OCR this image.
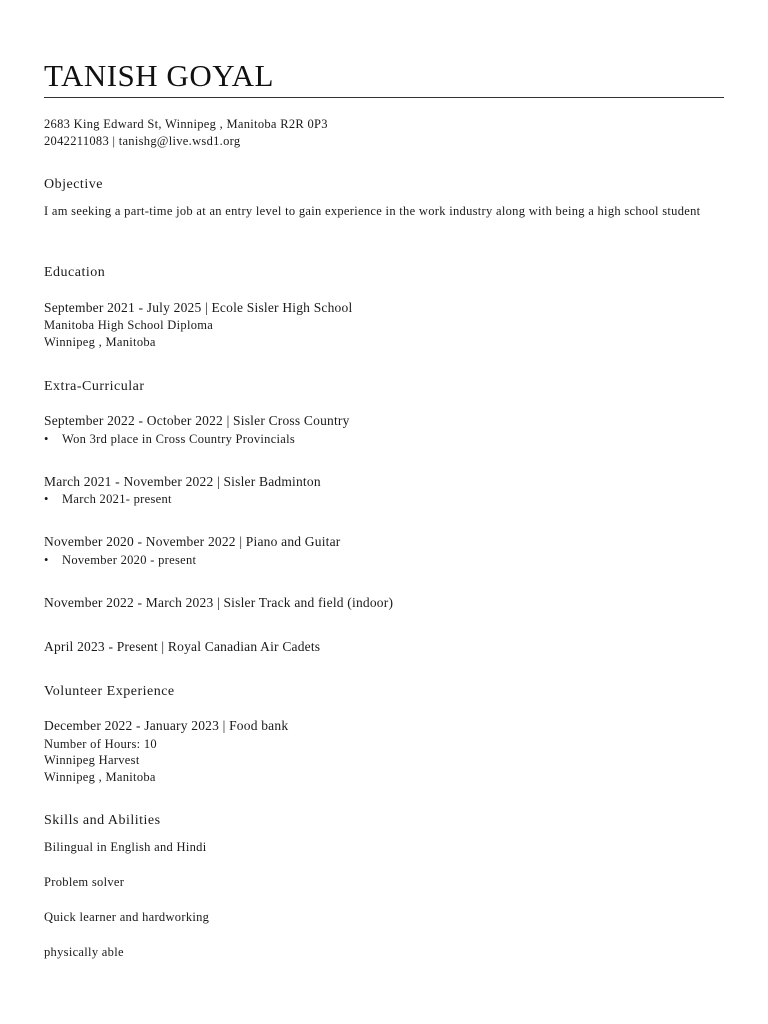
TANISH GOYAL
2683 King Edward St, Winnipeg , Manitoba R2R 0P3
2042211083 | tanishg@live.wsd1.org
Objective
I am seeking a part-time job at an entry level to gain experience in the work industry along with being a high school student
Education
September 2021 - July 2025 | Ecole Sisler High School
Manitoba High School Diploma
Winnipeg , Manitoba
Extra-Curricular
September 2022 - October 2022 | Sisler Cross Country
• Won 3rd place in Cross Country Provincials
March 2021 - November 2022 | Sisler Badminton
• March 2021- present
November 2020 - November 2022 | Piano and Guitar
• November 2020 - present
November 2022 - March 2023 | Sisler Track and field (indoor)
April 2023 - Present | Royal Canadian Air Cadets
Volunteer Experience
December 2022 - January 2023 | Food bank
Number of Hours: 10
Winnipeg Harvest
Winnipeg , Manitoba
Skills and Abilities
Bilingual in English and Hindi
Problem solver
Quick learner and hardworking
physically able
